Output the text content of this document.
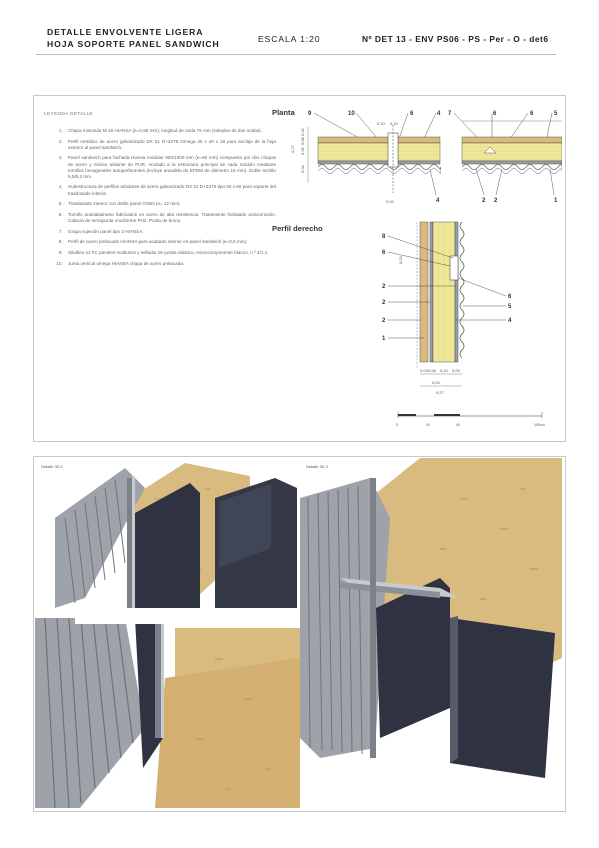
DETALLE ENVOLVENTE LIGERA
HOJA SOPORTE PANEL SANDWICH	ESCALA 1:20	Nº DET 13 - ENV PS06 - PS - Per - O - det6
LEYENDA DETALLE
1. Chapa minionda M-18 HIANSA (e=0,50 mm); longitud de onda 76 mm (soleplex de dos ondas).
2. Perfil metálico de acero galvanizado DX 51 D+Z275 Omega 40 x 40 x 18 para anclaje de la hoja exterior al panel sandwich.
3. Panel sandwich para fachada Hiansa modular 900/1000 mm (e=80 mm) compuesto por dos chapas de acero y núcleo aislante de PUR. Anclado a la estructura principal de cada módulo mediante tornillos hexagonales autoperforantes (incluye arandela de EPDM de diámetro 16 mm). Doble tornillo 5,5/6,3 mm.
4. Subestructura de perfiles tubulares de acero galvanizado DX 51 D+Z275 tipo 80 x 60 para soporte del trasdosado interior.
5. Trasdosado interior con doble panel OSB3 (e= 12 mm).
6. Tornillo autotaladrante fabricados en acero de alta resistencia. Tratamiento fosfatado anticorrosión. Cabeza de tornapunta cruciforme PH2. Punta de broca.
7. Grapa sujeción panel tipo 2 HIANSA.
8. Perfil de acero prelacado HIANSA para acabado interior en panel sandwich (e=0,6 mm).
9. Sikaflex-11 FC paneles multiusos y sellador de juntas elástico, monocomponente blanco, n.º 4/1.1.
10. Junta vertical omega HIANSA chapa de acero prelacada.
Planta 9	10	6	4 7	6	6	5
0,10 0,10
0,02
0,27
0,04
0,05
0,08
0,02
4	2 2	1
Perfil derecho
8
6
2
2
2
1
6
5
4
0,03 0,08 0,10 0,05
0,04
0,27
0,03
0	10	40	100cm
Detalle 3D 1	Detalle 3D 2
